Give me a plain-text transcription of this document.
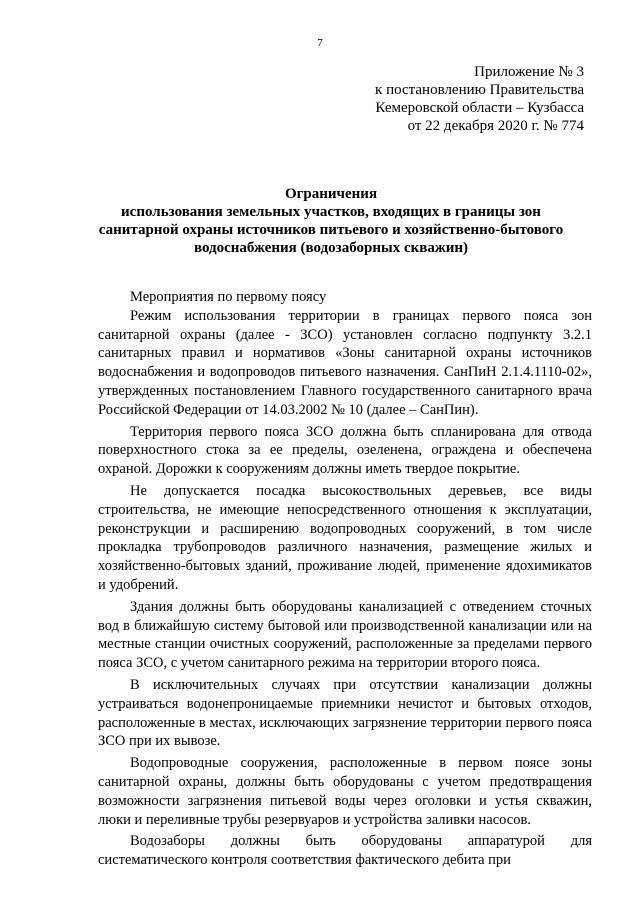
7
Приложение № 3
к постановлению Правительства
Кемеровской области – Кузбасса
от 22 декабря 2020 г. № 774
Ограничения
использования земельных участков, входящих в границы зон
санитарной охраны источников питьевого и хозяйственно-бытового
водоснабжения (водозаборных скважин)

Мероприятия по первому поясу

Режим использования территории в границах первого пояса зон санитарной охраны (далее - ЗСО) установлен согласно подпункту 3.2.1 санитарных правил и нормативов «Зоны санитарной охраны источников водоснабжения и водопроводов питьевого назначения. СанПиН 2.1.4.1110-02», утвержденных постановлением Главного государственного санитарного врача Российской Федерации от 14.03.2002 № 10 (далее – СанПин).

Территория первого пояса ЗСО должна быть спланирована для отвода поверхностного стока за ее пределы, озеленена, ограждена и обеспечена охраной. Дорожки к сооружениям должны иметь твердое покрытие.

Не допускается посадка высокоствольных деревьев, все виды строительства, не имеющие непосредственного отношения к эксплуатации, реконструкции и расширению водопроводных сооружений, в том числе прокладка трубопроводов различного назначения, размещение жилых и хозяйственно-бытовых зданий, проживание людей, применение ядохимикатов и удобрений.

Здания должны быть оборудованы канализацией с отведением сточных вод в ближайшую систему бытовой или производственной канализации или на местные станции очистных сооружений, расположенные за пределами первого пояса ЗСО, с учетом санитарного режима на территории второго пояса.

В исключительных случаях при отсутствии канализации должны устраиваться водонепроницаемые приемники нечистот и бытовых отходов, расположенные в местах, исключающих загрязнение территории первого пояса ЗСО при их вывозе.

Водопроводные сооружения, расположенные в первом поясе зоны санитарной охраны, должны быть оборудованы с учетом предотвращения возможности загрязнения питьевой воды через оголовки и устья скважин, люки и переливные трубы резервуаров и устройства заливки насосов.

Водозаборы должны быть оборудованы аппаратурой для систематического контроля соответствия фактического дебита при
